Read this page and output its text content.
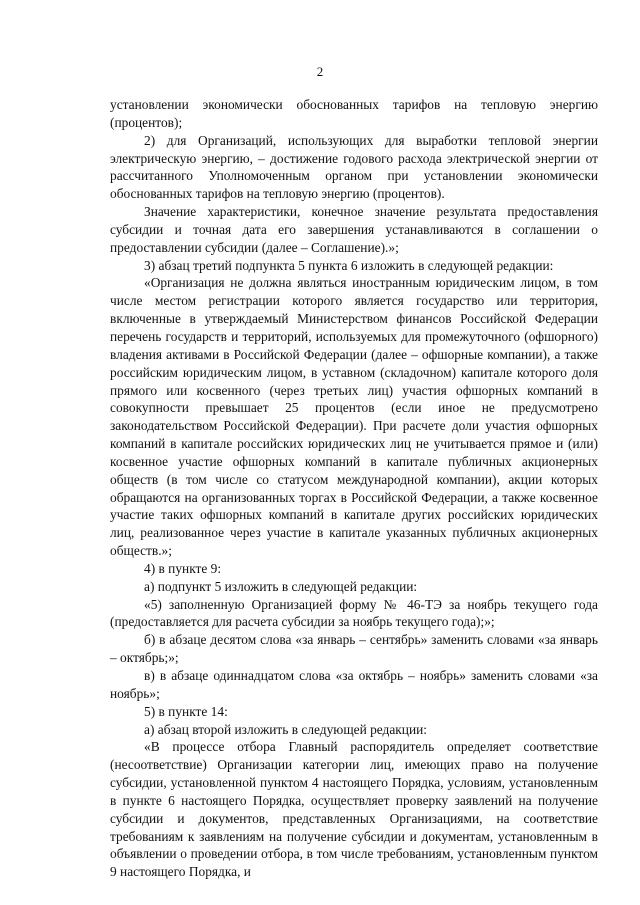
2

установлении экономически обоснованных тарифов на тепловую энергию (процентов);

2) для Организаций, использующих для выработки тепловой энергии электрическую энергию, – достижение годового расхода электрической энергии от рассчитанного Уполномоченным органом при установлении экономически обоснованных тарифов на тепловую энергию (процентов).

Значение характеристики, конечное значение результата предоставления субсидии и точная дата его завершения устанавливаются в соглашении о предоставлении субсидии (далее – Соглашение).»;

3) абзац третий подпункта 5 пункта 6 изложить в следующей редакции:

«Организация не должна являться иностранным юридическим лицом, в том числе местом регистрации которого является государство или территория, включенные в утверждаемый Министерством финансов Российской Федерации перечень государств и территорий, используемых для промежуточного (офшорного) владения активами в Российской Федерации (далее – офшорные компании), а также российским юридическим лицом, в уставном (складочном) капитале которого доля прямого или косвенного (через третьих лиц) участия офшорных компаний в совокупности превышает 25 процентов (если иное не предусмотрено законодательством Российской Федерации). При расчете доли участия офшорных компаний в капитале российских юридических лиц не учитывается прямое и (или) косвенное участие офшорных компаний в капитале публичных акционерных обществ (в том числе со статусом международной компании), акции которых обращаются на организованных торгах в Российской Федерации, а также косвенное участие таких офшорных компаний в капитале других российских юридических лиц, реализованное через участие в капитале указанных публичных акционерных обществ.»;

4) в пункте 9:

а) подпункт 5 изложить в следующей редакции:

«5) заполненную Организацией форму № 46-ТЭ за ноябрь текущего года (предоставляется для расчета субсидии за ноябрь текущего года);»;

б) в абзаце десятом слова «за январь – сентябрь» заменить словами «за январь – октябрь;»;

в) в абзаце одиннадцатом слова «за октябрь – ноябрь» заменить словами «за ноябрь»;

5) в пункте 14:

а) абзац второй изложить в следующей редакции:

«В процессе отбора Главный распорядитель определяет соответствие (несоответствие) Организации категории лиц, имеющих право на получение субсидии, установленной пунктом 4 настоящего Порядка, условиям, установленным в пункте 6 настоящего Порядка, осуществляет проверку заявлений на получение субсидии и документов, представленных Организациями, на соответствие требованиям к заявлениям на получение субсидии и документам, установленным в объявлении о проведении отбора, в том числе требованиям, установленным пунктом 9 настоящего Порядка, и
